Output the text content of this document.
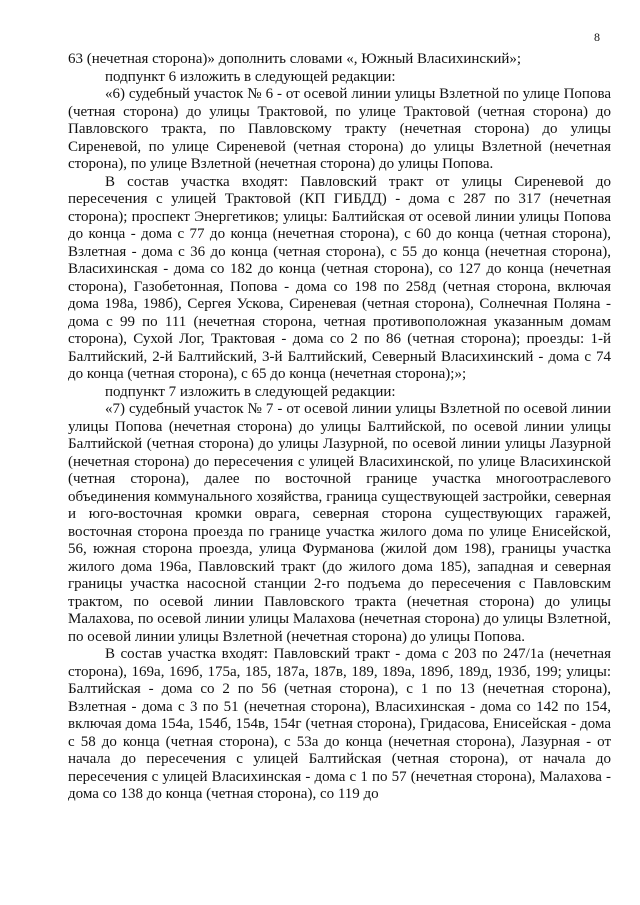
8

63 (нечетная сторона)» дополнить словами «, Южный Власихинский»;

подпункт 6 изложить в следующей редакции:

«6) судебный участок № 6 - от осевой линии улицы Взлетной по улице Попова (четная сторона) до улицы Трактовой, по улице Трактовой (четная сторона) до Павловского тракта, по Павловскому тракту (нечетная сторона) до улицы Сиреневой, по улице Сиреневой (четная сторона) до улицы Взлетной (нечетная сторона), по улице Взлетной (нечетная сторона) до улицы Попова.

В состав участка входят: Павловский тракт от улицы Сиреневой до пересечения с улицей Трактовой (КП ГИБДД) - дома с 287 по 317 (нечетная сторона); проспект Энергетиков; улицы: Балтийская от осевой линии улицы Попова до конца - дома с 77 до конца (нечетная сторона), с 60 до конца (четная сторона), Взлетная - дома с 36 до конца (четная сторона), с 55 до конца (нечетная сторона), Власихинская - дома со 182 до конца (четная сторона), со 127 до конца (нечетная сторона), Газобетонная, Попова - дома со 198 по 258д (четная сторона, включая дома 198а, 198б), Сергея Ускова, Сиреневая (четная сторона), Солнечная Поляна - дома с 99 по 111 (нечетная сторона, четная противоположная указанным домам сторона), Сухой Лог, Трактовая - дома со 2 по 86 (четная сторона); проезды: 1-й Балтийский, 2-й Балтийский, 3-й Балтийский, Северный Власихинский - дома с 74 до конца (четная сторона), с 65 до конца (нечетная сторона);»;

подпункт 7 изложить в следующей редакции:

«7) судебный участок № 7 - от осевой линии улицы Взлетной по осевой линии улицы Попова (нечетная сторона) до улицы Балтийской, по осевой линии улицы Балтийской (четная сторона) до улицы Лазурной, по осевой линии улицы Лазурной (нечетная сторона) до пересечения с улицей Власихинской, по улице Власихинской (четная сторона), далее по восточной границе участка многоотраслевого объединения коммунального хозяйства, граница существующей застройки, северная и юго-восточная кромки оврага, северная сторона существующих гаражей, восточная сторона проезда по границе участка жилого дома по улице Енисейской, 56, южная сторона проезда, улица Фурманова (жилой дом 198), границы участка жилого дома 196а, Павловский тракт (до жилого дома 185), западная и северная границы участка насосной станции 2-го подъема до пересечения с Павловским трактом, по осевой линии Павловского тракта (нечетная сторона) до улицы Малахова, по осевой линии улицы Малахова (нечетная сторона) до улицы Взлетной, по осевой линии улицы Взлетной (нечетная сторона) до улицы Попова.

В состав участка входят: Павловский тракт - дома с 203 по 247/1а (нечетная сторона), 169а, 169б, 175а, 185, 187а, 187в, 189, 189а, 189б, 189д, 193б, 199; улицы: Балтийская - дома со 2 по 56 (четная сторона), с 1 по 13 (нечетная сторона), Взлетная - дома с 3 по 51 (нечетная сторона), Власихинская - дома со 142 по 154, включая дома 154а, 154б, 154в, 154г (четная сторона), Гридасова, Енисейская - дома с 58 до конца (четная сторона), с 53а до конца (нечетная сторона), Лазурная - от начала до пересечения с улицей Балтийская (четная сторона), от начала до пересечения с улицей Власихинская - дома с 1 по 57 (нечетная сторона), Малахова - дома со 138 до конца (четная сторона), со 119 до
